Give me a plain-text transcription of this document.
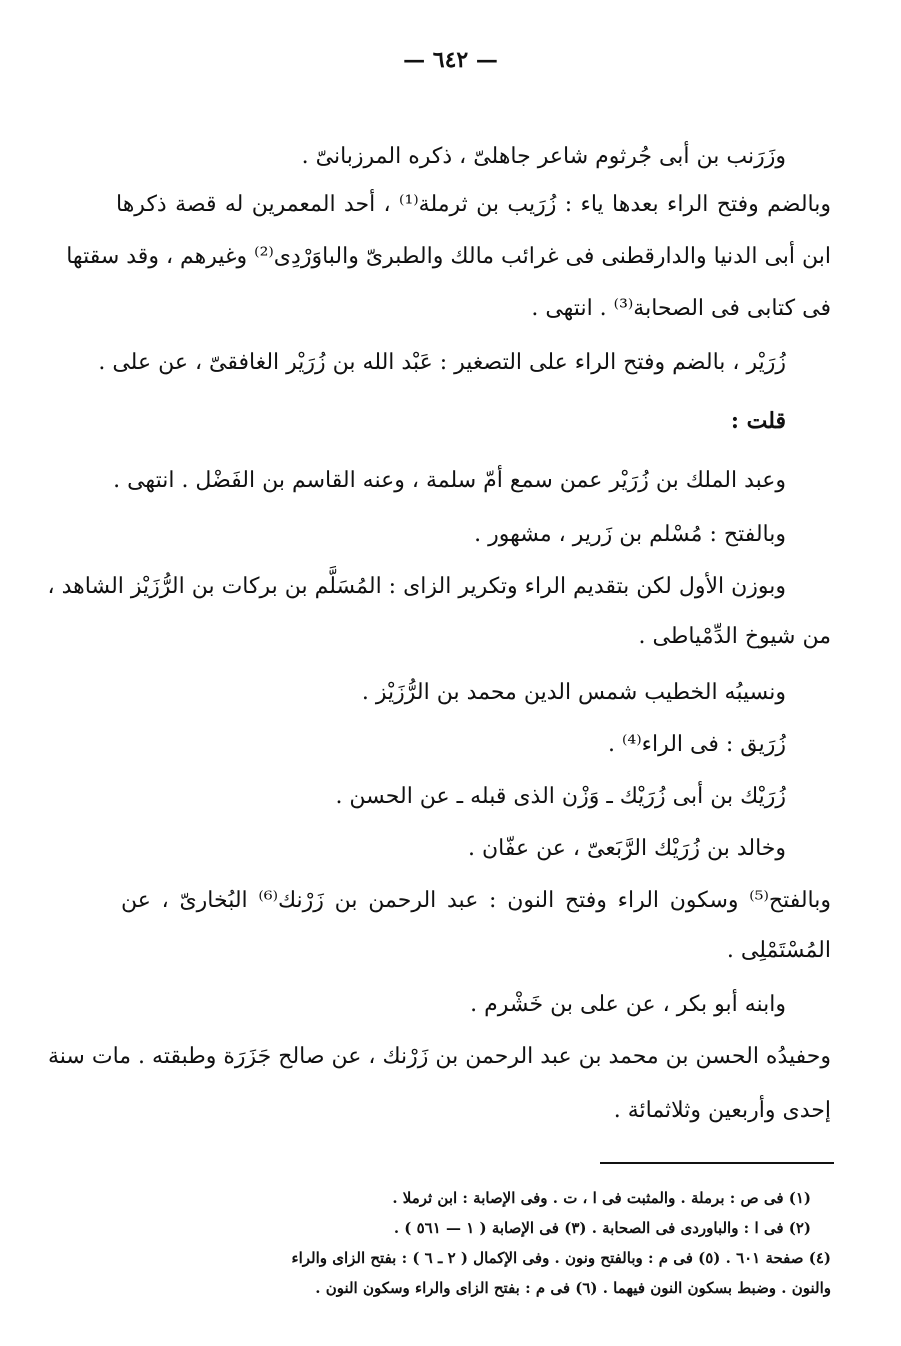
— ٦٤٢ —
وزَرَنب بن أبى جُرثوم شاعر جاهلىّ ، ذكره المرزبانىّ .
وبالضم وفتح الراء بعدها ياء : زُرَيب بن ثرملة⁽¹⁾ ، أحد المعمرين له قصة ذكرها
ابن أبى الدنيا والدارقطنى فى غرائب مالك والطبرىّ والباوَرْدِى⁽²⁾ وغيرهم ، وقد سقتها
فى كتابى فى الصحابة⁽³⁾ . انتهى .
زُرَيْر ، بالضم وفتح الراء على التصغير : عَبْد الله بن زُرَيْر الغافقىّ ، عن على .
قلت :
وعبد الملك بن زُرَيْر عمن سمع أمّ سلمة ، وعنه القاسم بن الفَضْل . انتهى .
وبالفتح : مُسْلم بن زَرير ، مشهور .
وبوزن الأول لكن بتقديم الراء وتكرير الزاى : المُسَلَّم بن بركات بن الرُّزَيْز الشاهد ،
من شيوخ الدِّمْياطى .
ونسيبُه الخطيب شمس الدين محمد بن الرُّزَيْز .
زُرَيق : فى الراء⁽⁴⁾ .
زُرَيْك بن أبى زُرَيْك ـ وَزْن الذى قبله ـ عن الحسن .
وخالد بن زُرَيْك الرَّبَعىّ ، عن عفّان .
وبالفتح⁽⁵⁾ وسكون الراء وفتح النون : عبد الرحمن بن زَرْنك⁽⁶⁾ البُخارىّ ، عن
المُسْتَمْلِى .
وابنه أبو بكر ، عن على بن خَشْرم .
وحفيدُه الحسن بن محمد بن عبد الرحمن بن زَرْنك ، عن صالح جَزَرَة وطبقته . مات سنة
إحدى وأربعين وثلاثمائة .
(١) فى ص : برملة . والمثبت فى ا ، ت . وفى الإصابة : ابن ثرملا .
(٢) فى ا : والباوردى فى الصحابة . (٣) فى الإصابة ( ١ — ٥٦١ ) .
(٤) صفحة ٦٠١ . (٥) فى م : وبالفتح ونون . وفى الإكمال ( ٢ ـ ٦ ) : بفتح الزاى والراء
والنون . وضبط بسكون النون فيهما . (٦) فى م : بفتح الزاى والراء وسكون النون .
